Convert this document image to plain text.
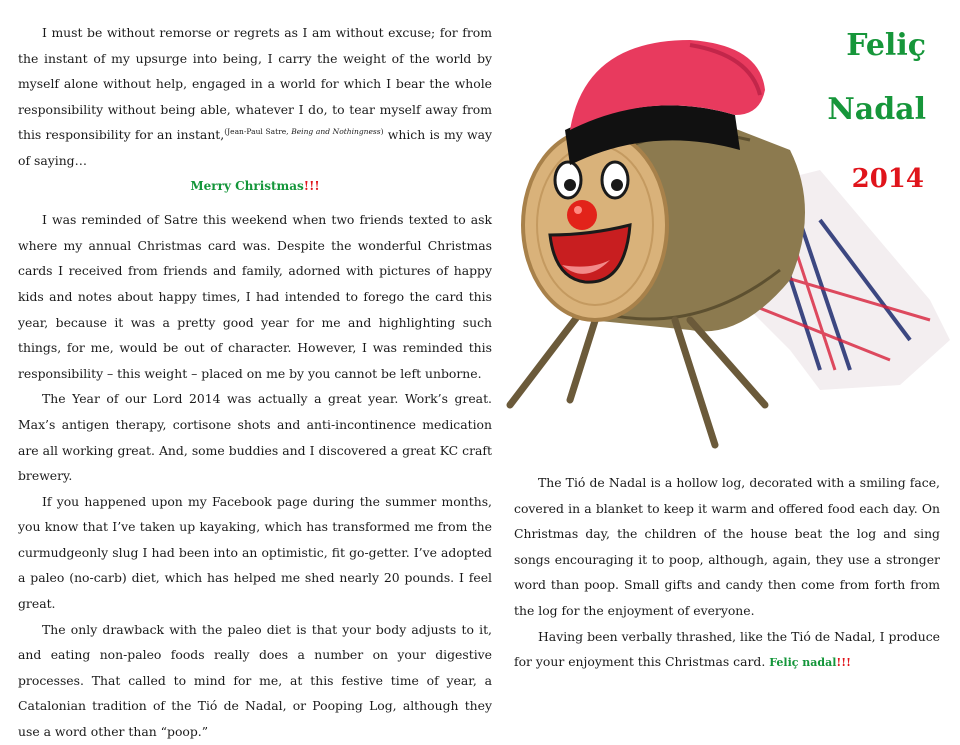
I must be without remorse or regrets as I am without excuse; for from the instant of my upsurge into being, I carry the weight of the world by myself alone without help, engaged in a world for which I bear the whole responsibility without being able, whatever I do, to tear myself away from this responsibility for an instant,$^{(Jean-Paul Satre, Being and Nothingness)}$ which is my way of saying…

Merry Christmas!!!

I was reminded of Satre this weekend when two friends texted to ask where my annual Christmas card was. Despite the wonderful Christmas cards I received from friends and family, adorned with pictures of happy kids and notes about happy times, I had intended to forego the card this year, because it was a pretty good year for me and highlighting such things, for me, would be out of character. However, I was reminded this responsibility – this weight – placed on me by you cannot be left unborne.

The Year of our Lord 2014 was actually a great year. Work’s great. Max’s antigen therapy, cortisone shots and anti-incontinence medication are all working great. And, some buddies and I discovered a great KC craft brewery.

If you happened upon my Facebook page during the summer months, you know that I’ve taken up kayaking, which has transformed me from the curmudgeonly slug I had been into an optimistic, fit go-getter. I’ve adopted a paleo (no-carb) diet, which has helped me shed nearly 20 pounds. I feel great.

The only drawback with the paleo diet is that your body adjusts to it, and eating non-paleo foods really does a number on your digestive processes. That called to mind for me, at this festive time of year, a Catalonian tradition of the Tió de Nadal, or Pooping Log, although they use a word other than “poop.”

Feliç
Nadal
2014

The Tió de Nadal is a hollow log, decorated with a smiling face, covered in a blanket to keep it warm and offered food each day. On Christmas day, the children of the house beat the log and sing songs encouraging it to poop, although, again, they use a stronger word than poop. Small gifts and candy then come from forth from the log for the enjoyment of everyone.

Having been verbally thrashed, like the Tió de Nadal, I produce for your enjoyment this Christmas card. Feliç nadal!!!
